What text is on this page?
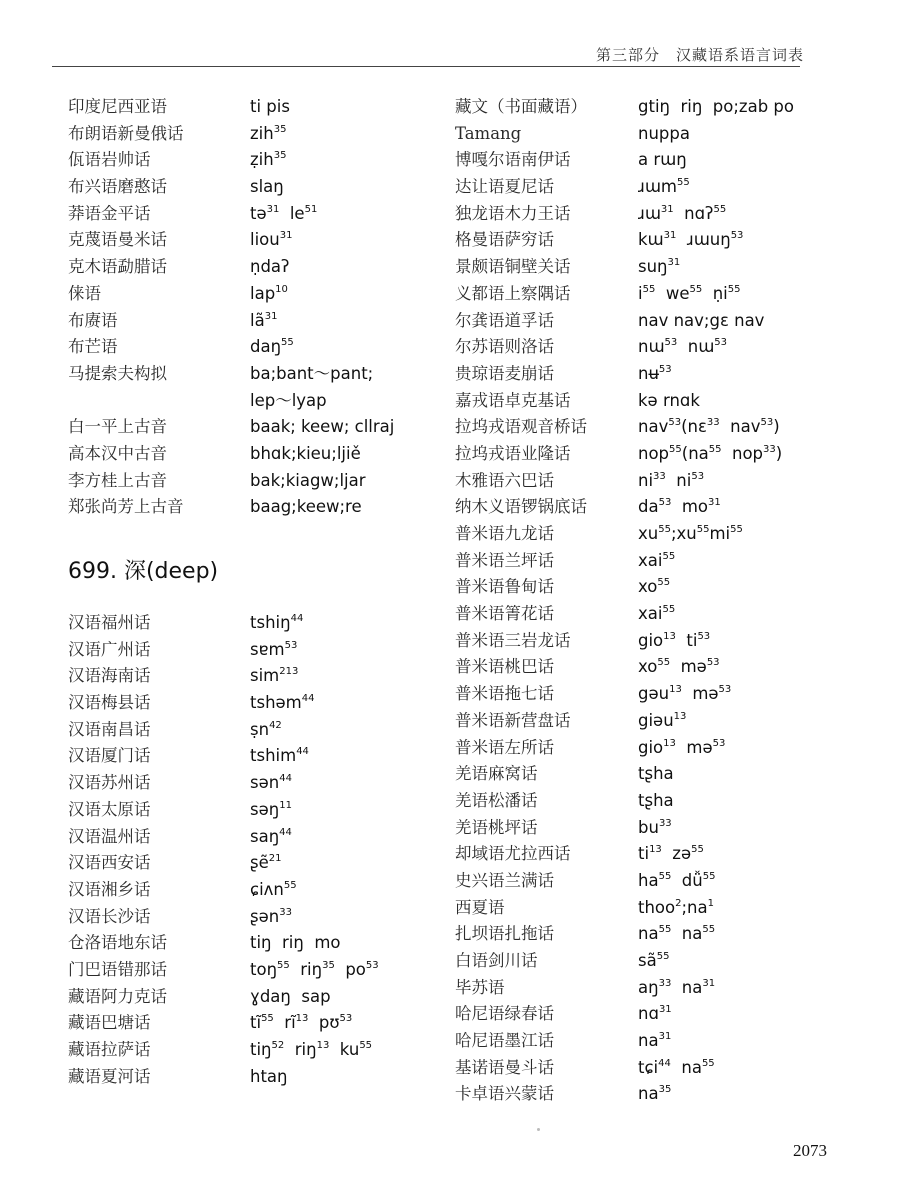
第三部分　汉藏语系语言词表
印度尼西亚语	ti pis
布朗语新曼俄话	zih$^{35}$
佤语岩帅话	ẓih$^{35}$
布兴语磨憨话	slaŋ
莽语金平话	tə$^{31}$  $le^{51}$
克蔑语曼米话	liou$^{31}$
克木语勐腊话	ṇdaʔ
俫语	lap$^{10}$
布赓语	$lã^{31}$
布芒语	daŋ$^{55}$
马提索夫构拟	ba;bant～pant;
lep～lyap
白一平上古音	baak; keew; cllraj
高本汉中古音	bhɑk;kieu;ljiě
李方桂上古音	bak;kiagw;ljar
郑张尚芳上古音	baag;keew;re
699. 深(deep)
汉语福州话	tshiŋ$^{44}$
汉语广州话	sɐm$^{53}$
汉语海南话	sim$^{213}$
汉语梅县话	tshəm$^{44}$
汉语南昌话	ṣn$^{42}$
汉语厦门话	tshim$^{44}$
汉语苏州话	sən$^{44}$
汉语太原话	səŋ$^{11}$
汉语温州话	saŋ$^{44}$
汉语西安话	ʂẽ$^{21}$
汉语湘乡话	ɕiʌn$^{55}$
汉语长沙话	ʂən$^{33}$
仓洛语地东话	tiŋ  riŋ  mo
门巴语错那话	toŋ$^{55}$  riŋ$^{35}$  $po^{53}$
藏语阿力克话	ɣdaŋ  sap
藏语巴塘话	$tĩ^{55}$  $rĩ^{13}$  pʊ$^{53}$
藏语拉萨话	tiŋ$^{52}$  riŋ$^{13}$  $ku^{55}$
藏语夏河话	htaŋ
藏文（书面藏语）	gtiŋ  riŋ  po;zab po
Tamang	nuppa
博嘎尔语南伊话	a rɯŋ
达让语夏尼话	ɹɯm$^{55}$
独龙语木力王话	ɹɯ$^{31}$  nɑʔ$^{55}$
格曼语萨穷话	kɯ$^{31}$  ɹɯuŋ$^{53}$
景颇语铜壁关话	suŋ$^{31}$
义都语上察隅话	$i^{55}$  $we^{55}$  ṇi$^{55}$
尔龚语道孚话	nav nav;gɛ nav
尔苏语则洛话	nɯ$^{53}$  nɯ$^{53}$
贵琼语麦崩话	nʉ$^{53}$
嘉戎语卓克基话	kə rnɑk
拉坞戎语观音桥话	nav$^{53}$(nɛ$^{33}$  nav$^{53}$)
拉坞戎语业隆话	$nop^{55}(na^{55}$  nop$^{33}$)
木雅语六巴话	$ni^{33}$  $ni^{53}$
纳木义语锣锅底话	$da^{53}$  $mo^{31}$
普米语九龙话	$xu^{55};xu^{55}mi^{55}$
普米语兰坪话	xai$^{55}$
普米语鲁甸话	$xo^{55}$
普米语箐花话	xai$^{55}$
普米语三岩龙话	gio$^{13}$  $ti^{53}$
普米语桃巴话	$xo^{55}$  mə$^{53}$
普米语拖七话	gəu$^{13}$  mə$^{53}$
普米语新营盘话	giəu$^{13}$
普米语左所话	gio$^{13}$  mə$^{53}$
羌语麻窝话	tʂha
羌语松潘话	tʂha
羌语桃坪话	$bu^{33}$
却域语尤拉西话	$ti^{13}$  zə$^{55}$
史兴语兰满话	$ha^{55}$  $dǚ^{55}$
西夏语	$thoo^2;na^1$
扎坝语扎拖话	$na^{55}$  $na^{55}$
白语剑川话	$sã^{55}$
毕苏语	$aŋ^{33}$  $na^{31}$
哈尼语绿春话	nɑ$^{31}$
哈尼语墨江话	$na^{31}$
基诺语曼斗话	tɕi$^{44}$  $na^{55}$
卡卓语兴蒙话	$na^{35}$
2073
